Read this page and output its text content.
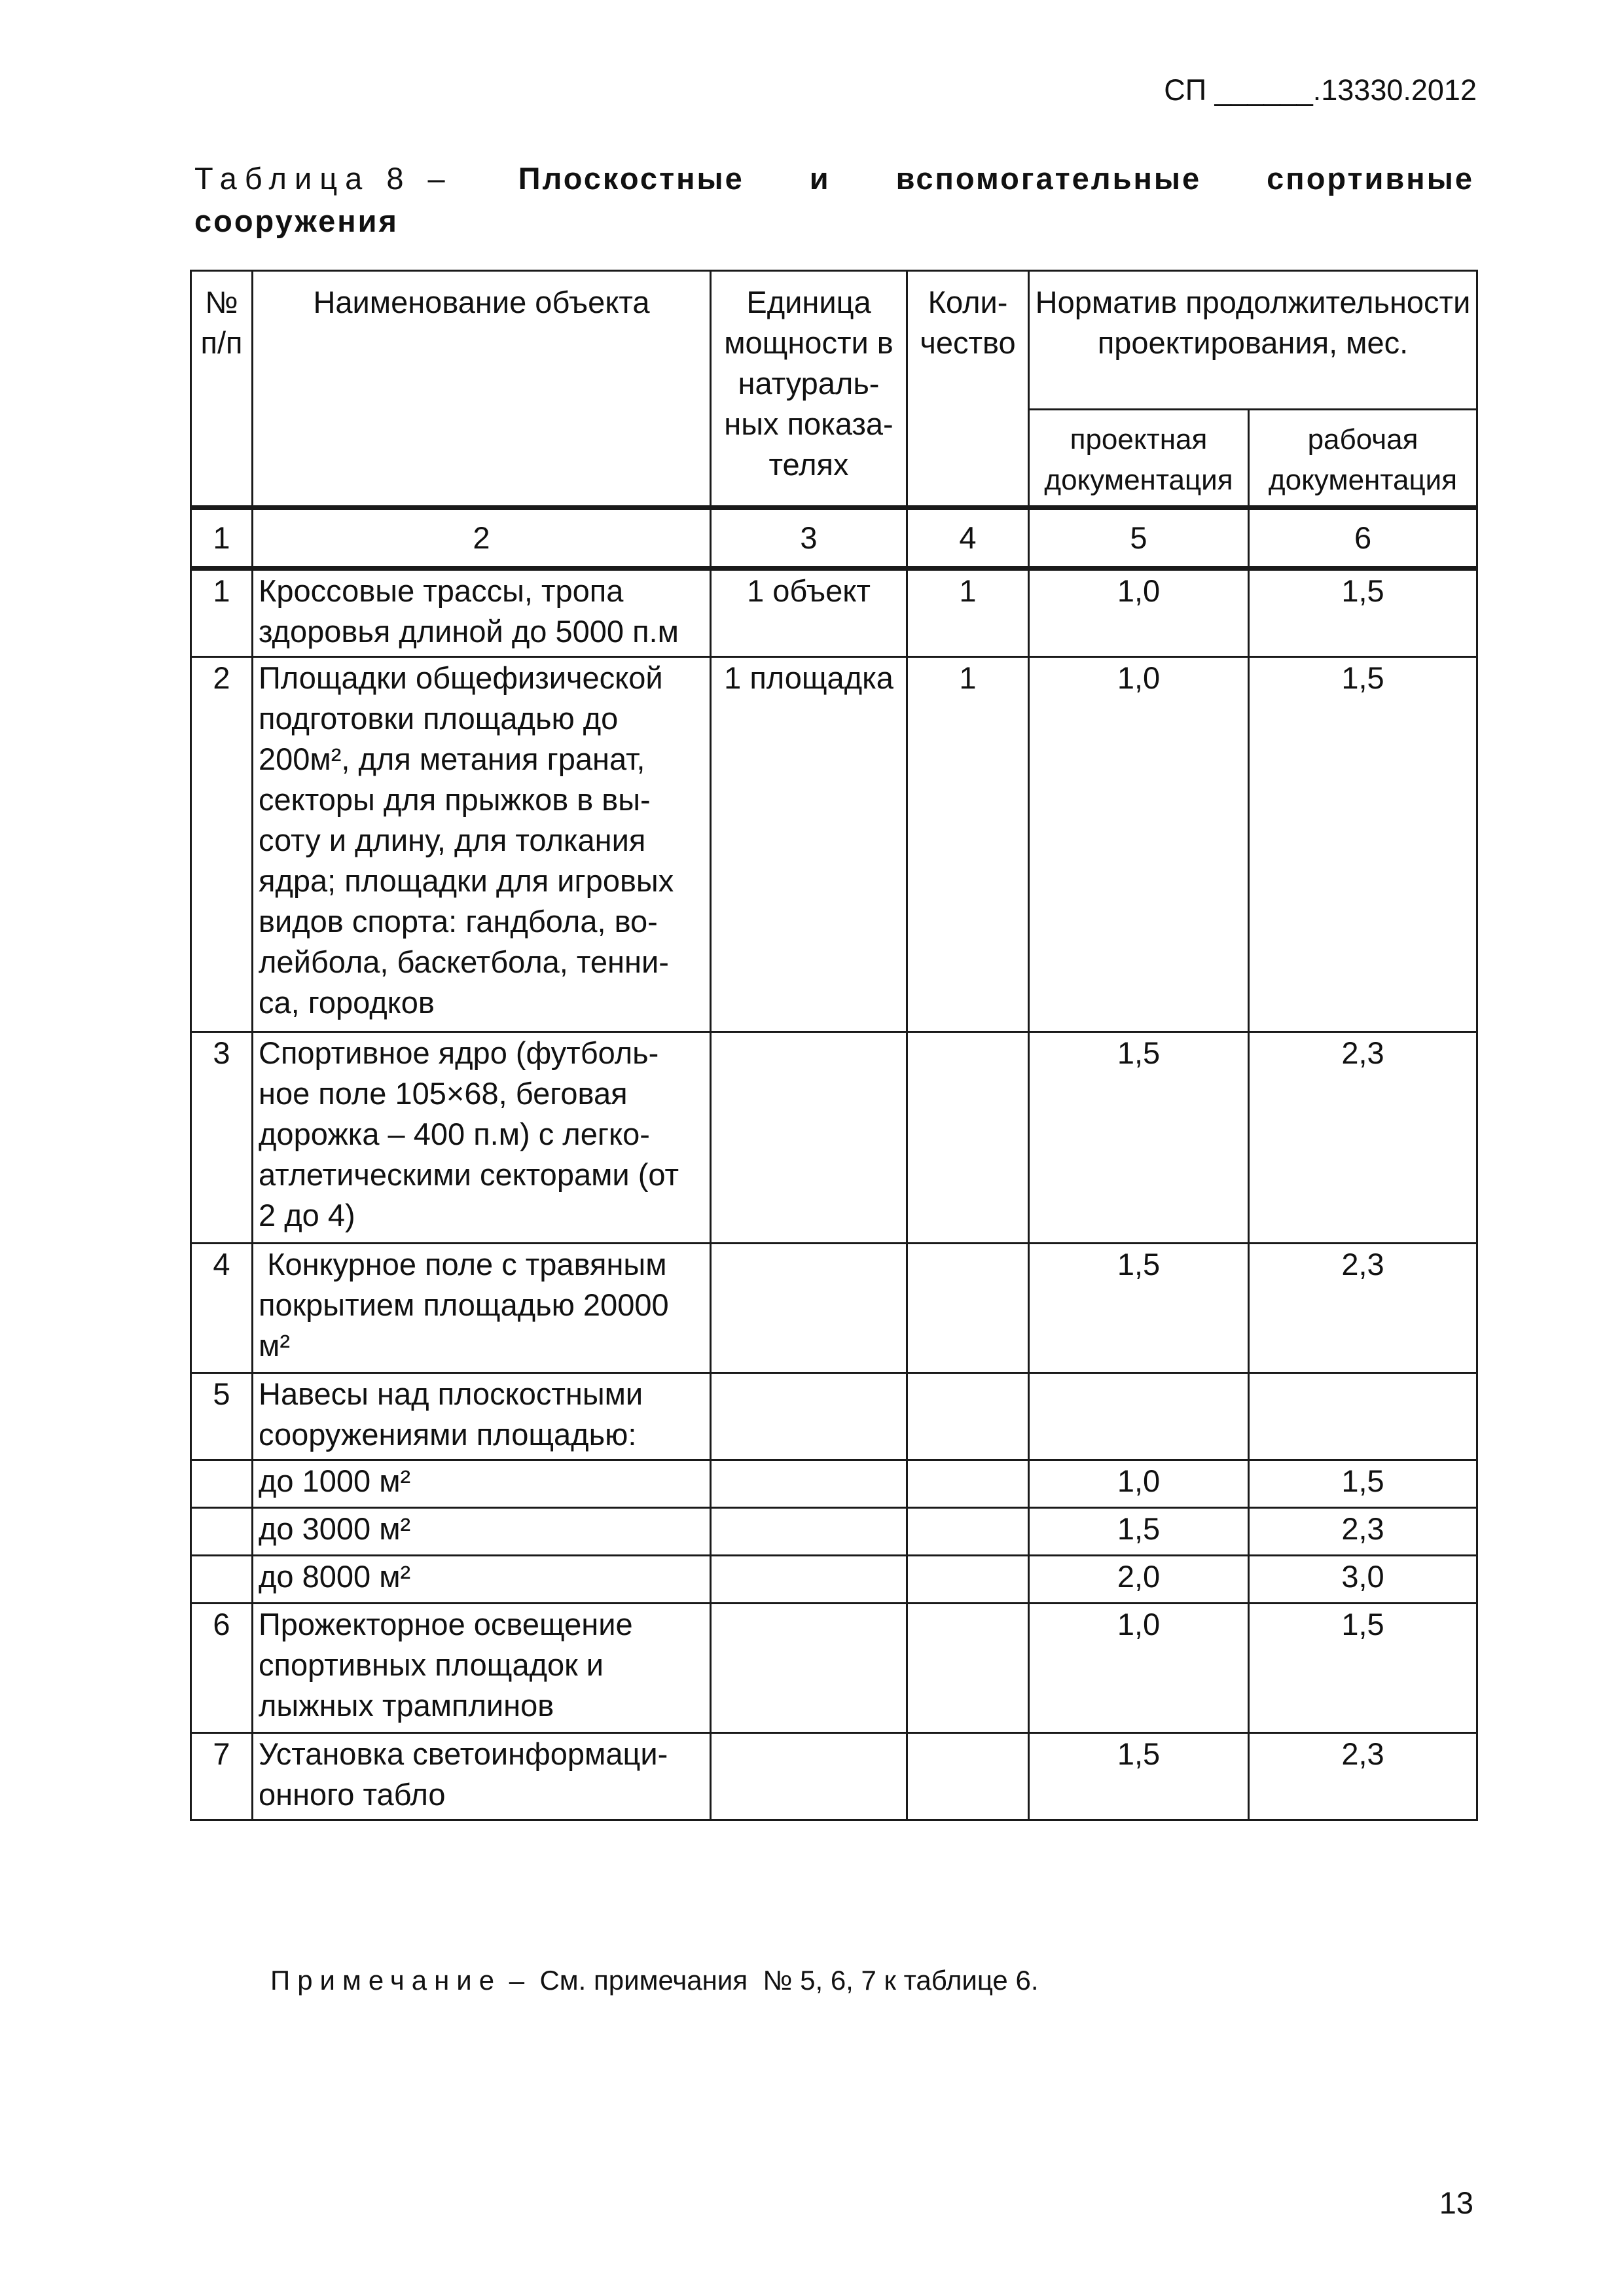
СП ______.13330.2012
Таблица 8 – Плоскостные и вспомогательные спортивные
сооружения
№ п/п	Наименование объекта	Единица мощности в натураль-ных показа-телях	Коли-чество	Норматив продолжительности проектирования, мес.	
				проектная документация	рабочая документация
1	2	3	4	5	6
1	Кроссовые трассы, тропа здоровья длиной до 5000 п.м	1 объект	1	1,0	1,5
2	Площадки общефизической подготовки площадью до 200м², для метания гранат, секторы для прыжков в вы-соту и длину, для толкания ядра; площадки для игровых видов спорта: гандбола, во-лейбола, баскетбола, тенни-са, городков	1 площадка	1	1,0	1,5
3	Спортивное ядро (футболь-ное поле 105×68, беговая дорожка – 400 п.м) с легко-атлетическими секторами (от 2 до 4)			1,5	2,3
4	Конкурное поле с травяным покрытием площадью 20000 м²			1,5	2,3
5	Навесы над плоскостными сооружениями площадью:				
	до 1000 м²			1,0	1,5
	до 3000 м²			1,5	2,3
	до 8000 м²			2,0	3,0
6	Прожекторное освещение спортивных площадок и лыжных трамплинов			1,0	1,5
7	Установка светоинформаци-онного табло			1,5	2,3
Примечание –  См. примечания  № 5, 6, 7 к таблице 6.
13
